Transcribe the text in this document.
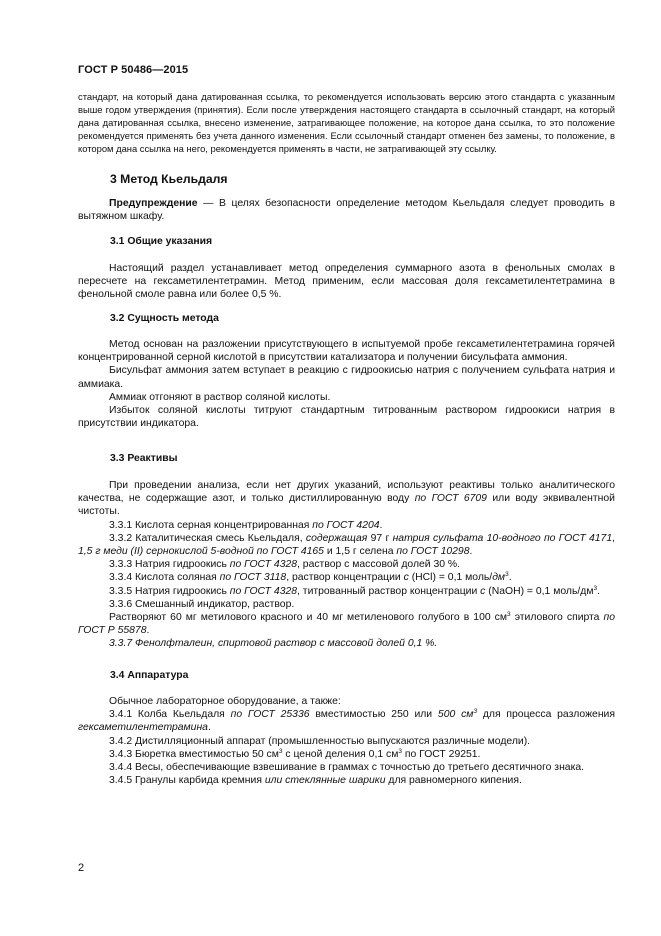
ГОСТ Р 50486—2015

стандарт, на который дана датированная ссылка, то рекомендуется использовать версию этого стандарта с указанным выше годом утверждения (принятия). Если после утверждения настоящего стандарта в ссылочный стандарт, на который дана датированная ссылка, внесено изменение, затрагивающее положение, на которое дана ссылка, то это положение рекомендуется применять без учета данного изменения. Если ссылочный стандарт отменен без замены, то положение, в котором дана ссылка на него, рекомендуется применять в части, не затрагивающей эту ссылку.

3 Метод Кьельдаля

Предупреждение — В целях безопасности определение методом Кьельдаля следует проводить в вытяжном шкафу.

3.1 Общие указания

Настоящий раздел устанавливает метод определения суммарного азота в фенольных смолах в пересчете на гексаметилентетрамин. Метод применим, если массовая доля гексаметилентетрамина в фенольной смоле равна или более 0,5 %.

3.2 Сущность метода

Метод основан на разложении присутствующего в испытуемой пробе гексаметилентетрамина горячей концентрированной серной кислотой в присутствии катализатора и получении бисульфата аммония.

Бисульфат аммония затем вступает в реакцию с гидроокисью натрия с получением сульфата натрия и аммиака.

Аммиак отгоняют в раствор соляной кислоты.

Избыток соляной кислоты титруют стандартным титрованным раствором гидроокиси натрия в присутствии индикатора.

3.3 Реактивы

При проведении анализа, если нет других указаний, используют реактивы только аналитического качества, не содержащие азот, и только дистиллированную воду по ГОСТ 6709 или воду эквивалентной чистоты.

3.3.1 Кислота серная концентрированная по ГОСТ 4204.

3.3.2 Каталитическая смесь Кьельдаля, содержащая 97 г натрия сульфата 10-водного по ГОСТ 4171, 1,5 г меди (II) сернокислой 5-водной по ГОСТ 4165 и 1,5 г селена по ГОСТ 10298.

3.3.3 Натрия гидроокись по ГОСТ 4328, раствор с массовой долей 30 %.

3.3.4 Кислота соляная по ГОСТ 3118, раствор концентрации c (HCl) = 0,1 моль/$дм^3$.

3.3.5 Натрия гидроокись по ГОСТ 4328, титрованный раствор концентрации c (NaOH) = 0,1 моль/$дм^3$.

3.3.6 Смешанный индикатор, раствор.

Растворяют 60 мг метилового красного и 40 мг метиленового голубого в 100 $см^3$ этилового спирта по ГОСТ Р 55878.

3.3.7 Фенолфталеин, спиртовой раствор с массовой долей 0,1 %.

3.4 Аппаратура

Обычное лабораторное оборудование, а также:

3.4.1 Колба Кьельдаля по ГОСТ 25336 вместимостью 250 или 500 $см^3$ для процесса разложения гексаметилентетрамина.

3.4.2 Дистилляционный аппарат (промышленностью выпускаются различные модели).

3.4.3 Бюретка вместимостью 50 $см^3$ с ценой деления 0,1 $см^3$ по ГОСТ 29251.

3.4.4 Весы, обеспечивающие взвешивание в граммах с точностью до третьего десятичного знака.

3.4.5 Гранулы карбида кремния или стеклянные шарики для равномерного кипения.

2
